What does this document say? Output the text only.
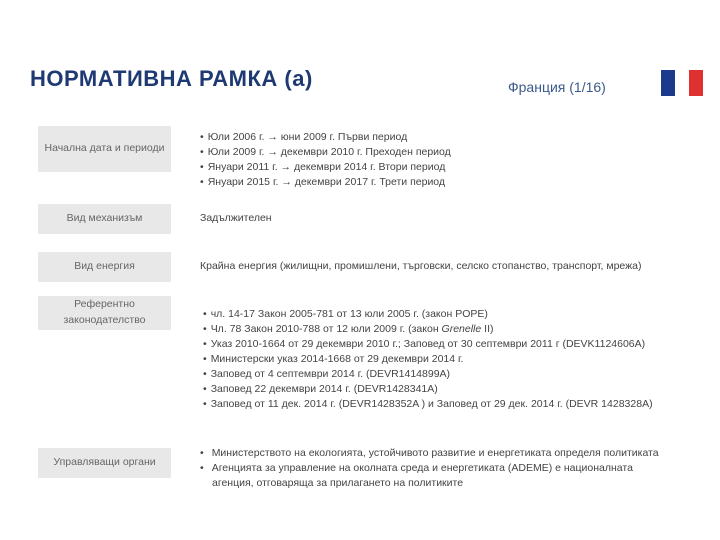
НОРМАТИВНА РАМКА (a)	Франция (1/16)
Начална дата и периоди
• Юли 2006 г. → юни 2009 г. Първи период
• Юли 2009 г. → декември 2010 г. Преходен период
• Януари 2011 г. → декември 2014 г. Втори период
• Януари 2015 г. → декември 2017 г. Трети период
Вид механизъм	Задължителен
Вид енергия	Крайна енергия (жилищни, промишлени, търговски, селско стопанство, транспорт, мрежа)
Референтно законодателство
•	чл. 14-17 Закон 2005-781 от 13 юли 2005 г. (закон POPE)
• Чл. 78 Закон 2010-788 от 12 юли 2009 г. (закон Grenelle II)
• Указ 2010-1664 от 29 декември 2010 г.; Заповед от 30 септември 2011 г (DEVK1124606A)
• Министерски указ 2014-1668 от 29 декември 2014 г.
• Заповед от 4 септември 2014 г. (DEVR1414899A)
• Заповед 22 декември 2014 г. (DEVR1428341A)
• Заповед от 11 дек. 2014 г. (DEVR1428352A ) и Заповед от 29 дек. 2014 г. (DEVR 1428328A)
Управляващи органи
• Министерството на екологията, устойчивото развитие и енергетиката определя политиката
• Агенцията за управление на околната среда и енергетиката (ADEME) е националната агенция, отговаряща за прилагането на политиките
